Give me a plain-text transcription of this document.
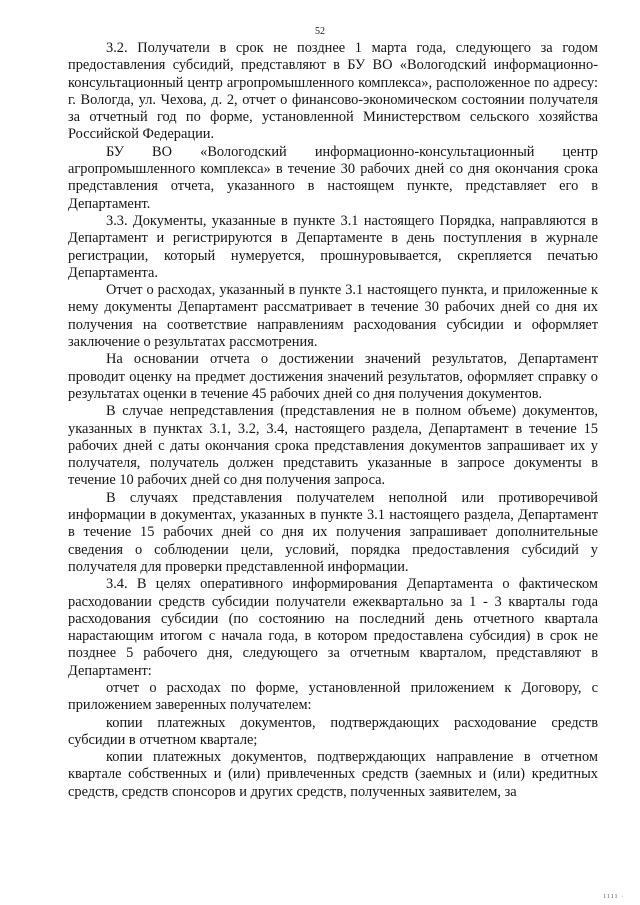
52

3.2. Получатели в срок не позднее 1 марта года, следующего за годом предоставления субсидий, представляют в БУ ВО «Вологодский информационно-консультационный центр агропромышленного комплекса», расположенное по адресу: г. Вологда, ул. Чехова, д. 2, отчет о финансово-экономическом состоянии получателя за отчетный год по форме, установленной Министерством сельского хозяйства Российской Федерации.

БУ ВО «Вологодский информационно-консультационный центр агропромышленного комплекса» в течение 30 рабочих дней со дня окончания срока представления отчета, указанного в настоящем пункте, представляет его в Департамент.

3.3. Документы, указанные в пункте 3.1 настоящего Порядка, направляются в Департамент и регистрируются в Департаменте в день поступления в журнале регистрации, который нумеруется, прошнуровывается, скрепляется печатью Департамента.

Отчет о расходах, указанный в пункте 3.1 настоящего пункта, и приложенные к нему документы Департамент рассматривает в течение 30 рабочих дней со дня их получения на соответствие направлениям расходования субсидии и оформляет заключение о результатах рассмотрения.

На основании отчета о достижении значений результатов, Департамент проводит оценку на предмет достижения значений результатов, оформляет справку о результатах оценки в течение 45 рабочих дней со дня получения документов.

В случае непредставления (представления не в полном объеме) документов, указанных в пунктах 3.1, 3.2, 3.4, настоящего раздела, Департамент в течение 15 рабочих дней с даты окончания срока представления документов запрашивает их у получателя, получатель должен представить указанные в запросе документы в течение 10 рабочих дней со дня получения запроса.

В случаях представления получателем неполной или противоречивой информации в документах, указанных в пункте 3.1 настоящего раздела, Департамент в течение 15 рабочих дней со дня их получения запрашивает дополнительные сведения о соблюдении цели, условий, порядка предоставления субсидий у получателя для проверки представленной информации.

3.4. В целях оперативного информирования Департамента о фактическом расходовании средств субсидии получатели ежеквартально за 1 - 3 кварталы года расходования субсидии (по состоянию на последний день отчетного квартала нарастающим итогом с начала года, в котором предоставлена субсидия) в срок не позднее 5 рабочего дня, следующего за отчетным кварталом, представляют в Департамент:

отчет о расходах по форме, установленной приложением к Договору, с приложением заверенных получателем:

копии платежных документов, подтверждающих расходование средств субсидии в отчетном квартале;

копии платежных документов, подтверждающих направление в отчетном квартале собственных и (или) привлеченных средств (заемных и (или) кредитных средств, средств спонсоров и других средств, полученных заявителем, за

1111 ·
